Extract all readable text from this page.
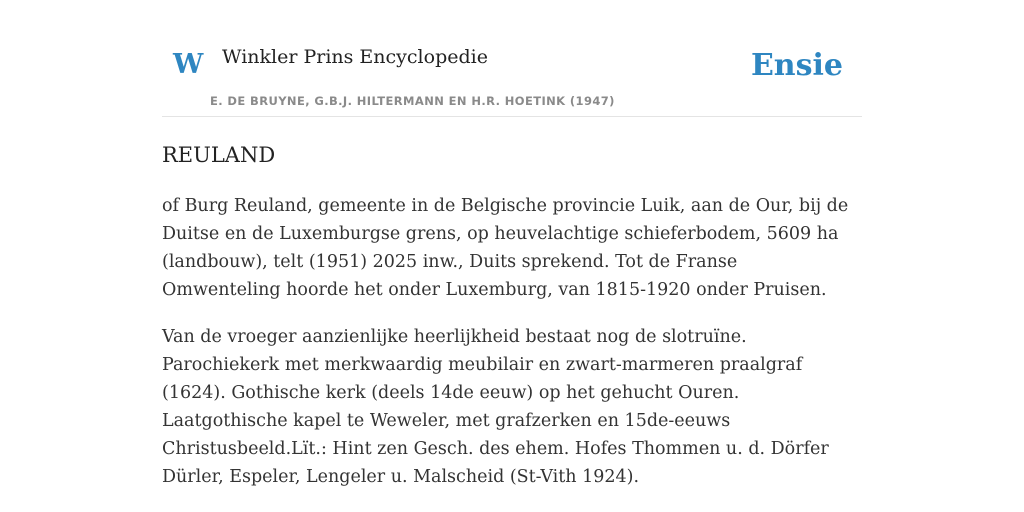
W Winkler Prins Encyclopedie
E. DE BRUYNE, G.B.J. HILTERMANN EN H.R. HOETINK (1947)
Ensie
REULAND

of Burg Reuland, gemeente in de Belgische provincie Luik, aan de Our, bij de Duitse en de Luxemburgse grens, op heuvelachtige schieferbodem, 5609 ha (landbouw), telt (1951) 2025 inw., Duits sprekend. Tot de Franse Omwenteling hoorde het onder Luxemburg, van 1815-1920 onder Pruisen.

Van de vroeger aanzienlijke heerlijkheid bestaat nog de slotruïne. Parochiekerk met merkwaardig meubilair en zwart-marmeren praalgraf (1624). Gothische kerk (deels 14de eeuw) op het gehucht Ouren. Laatgothische kapel te Weweler, met grafzerken en 15de-eeuws Christusbeeld.Lït.: Hint zen Gesch. des ehem. Hofes Thommen u. d. Dörfer Dürler, Espeler, Lengeler u. Malscheid (St-Vith 1924).
